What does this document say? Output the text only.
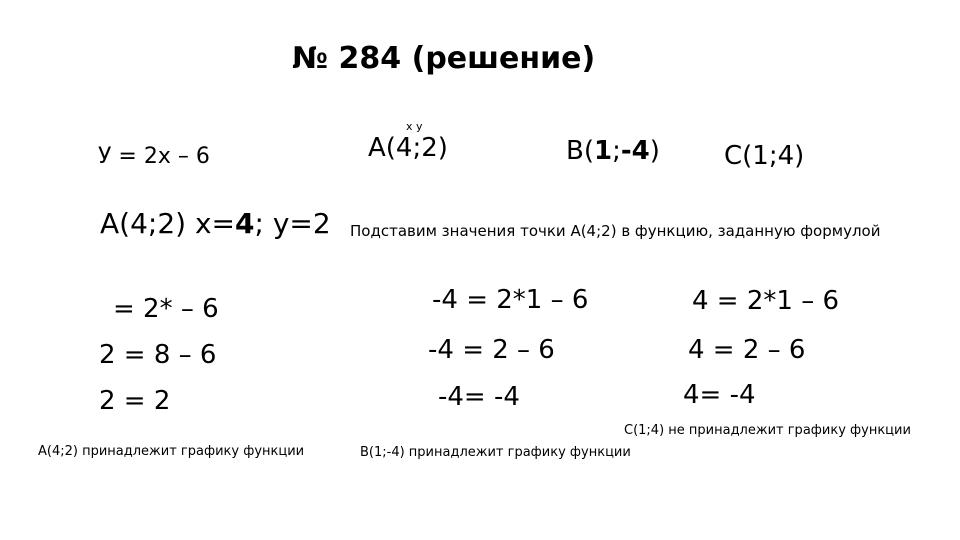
№ 284 (решение)
x y
У = 2х – 6	А(4;2)	В(1;-4) С(1;4)
А(4;2) х=4; у=2 Подставим значения точки А(4;2) в функцию, заданную формулой
= 2* – 6
2 = 8 – 6
2 = 2
-4 = 2*1 – 6
-4 = 2 – 6
-4= -4
4 = 2*1 – 6
4 = 2 – 6
4= -4
А(4;2) принадлежит графику функции	В(1;-4) принадлежит графику функции
С(1;4) не принадлежит графику функции
